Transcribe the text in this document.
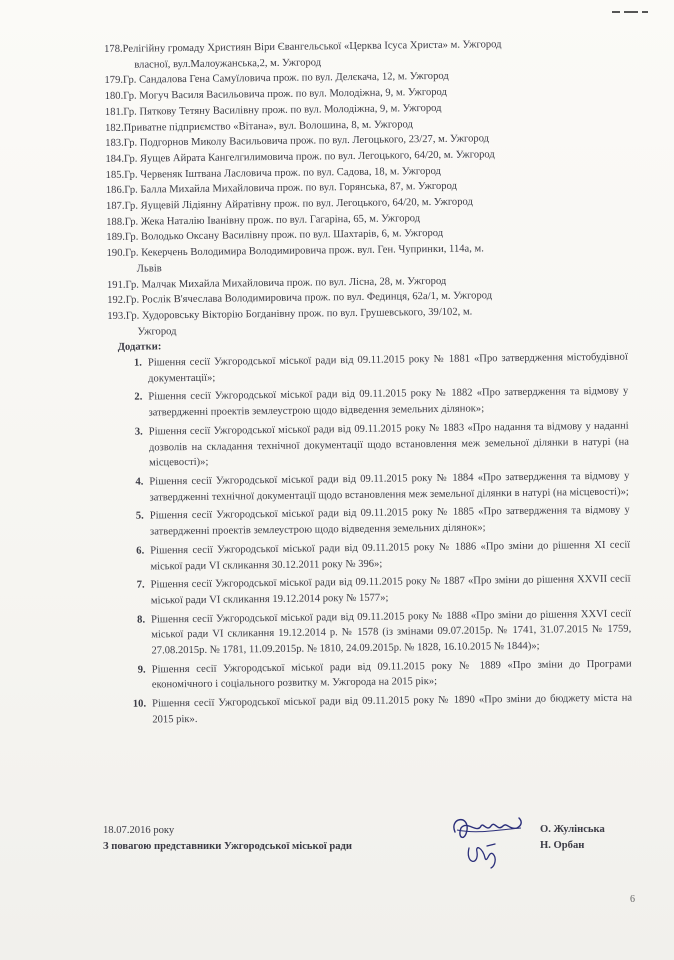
178.Релігійну громаду Християн Віри Євангельської «Церква Ісуса Христа» м. Ужгород
власної, вул.Малоужанська,2, м. Ужгород
179.Гр. Сандалова Гена Самуїловича прож. по вул. Делєкача, 12, м. Ужгород
180.Гр. Могуч Василя Васильовича прож. по вул. Молодіжна, 9, м. Ужгород
181.Гр. Пяткову Тетяну Василівну прож. по вул. Молодіжна, 9, м. Ужгород
182.Приватне підприємство «Вітана», вул. Волошина, 8, м. Ужгород
183.Гр. Подгорнов Миколу Васильовича прож. по вул. Легоцького, 23/27, м. Ужгород
184.Гр. Яущев Айрата Кангелгилимовича прож. по вул. Легоцького, 64/20, м. Ужгород
185.Гр. Червеняк Іштвана Ласловича прож. по вул. Садова, 18, м. Ужгород
186.Гр. Балла Михайла Михайловича прож. по вул. Горянська, 87, м. Ужгород
187.Гр. Яущевій Лідіянну Айратівну прож. по вул. Легоцького, 64/20, м. Ужгород
188.Гр. Жека Наталію Іванівну прож. по вул. Гагаріна, 65, м. Ужгород
189.Гр. Володько Оксану Василівну прож. по вул. Шахтарів, 6, м. Ужгород
190.Гр. Кекерчень Володимира Володимировича прож. вул. Ген. Чупринки, 114а, м.
Львів
191.Гр. Малчак Михайла Михайловича прож. по вул. Лісна, 28, м. Ужгород
192.Гр. Рослік В'ячеслава Володимировича прож. по вул. Фединця, 62а/1, м. Ужгород
193.Гр. Худоровську Вікторію Богданівну прож. по вул. Грушевського, 39/102, м.
Ужгород
Додатки:
1. Рішення сесії Ужгородської міської ради від 09.11.2015 року № 1881 «Про затвердження містобудівної документації»;
2. Рішення сесії Ужгородської міської ради від 09.11.2015 року № 1882 «Про затвердження та відмову у затвердженні проектів землеустрою щодо відведення земельних ділянок»;
3. Рішення сесії Ужгородської міської ради від 09.11.2015 року № 1883 «Про надання та відмову у наданні дозволів на складання технічної документації щодо встановлення меж земельної ділянки в натурі (на місцевості)»;
4. Рішення сесії Ужгородської міської ради від 09.11.2015 року № 1884 «Про затвердження та відмову у затвердженні технічної документації щодо встановлення меж земельної ділянки в натурі (на місцевості)»;
5. Рішення сесії Ужгородської міської ради від 09.11.2015 року № 1885 «Про затвердження та відмову у затвердженні проектів землеустрою щодо відведення земельних ділянок»;
6. Рішення сесії Ужгородської міської ради від 09.11.2015 року № 1886 «Про зміни до рішення XI сесії міської ради VI скликання 30.12.2011 року № 396»;
7. Рішення сесії Ужгородської міської ради від 09.11.2015 року № 1887 «Про зміни до рішення XXVII сесії міської ради VI скликання 19.12.2014 року № 1577»;
8. Рішення сесії Ужгородської міської ради від 09.11.2015 року № 1888 «Про зміни до рішення XXVI сесії міської ради VI скликання 19.12.2014 р. № 1578 (із змінами 09.07.2015р. № 1741, 31.07.2015 № 1759, 27.08.2015р. № 1781, 11.09.2015р. № 1810, 24.09.2015р. № 1828, 16.10.2015 № 1844)»;
9. Рішення сесії Ужгородської міської ради від 09.11.2015 року № 1889 «Про зміни до Програми економічного і соціального розвитку м. Ужгорода на 2015 рік»;
10. Рішення сесії Ужгородської міської ради від 09.11.2015 року № 1890 «Про зміни до бюджету міста на 2015 рік».
18.07.2016 року
З повагою представники Ужгородської міської ради
О. Жулінська
Н. Орбан
6
